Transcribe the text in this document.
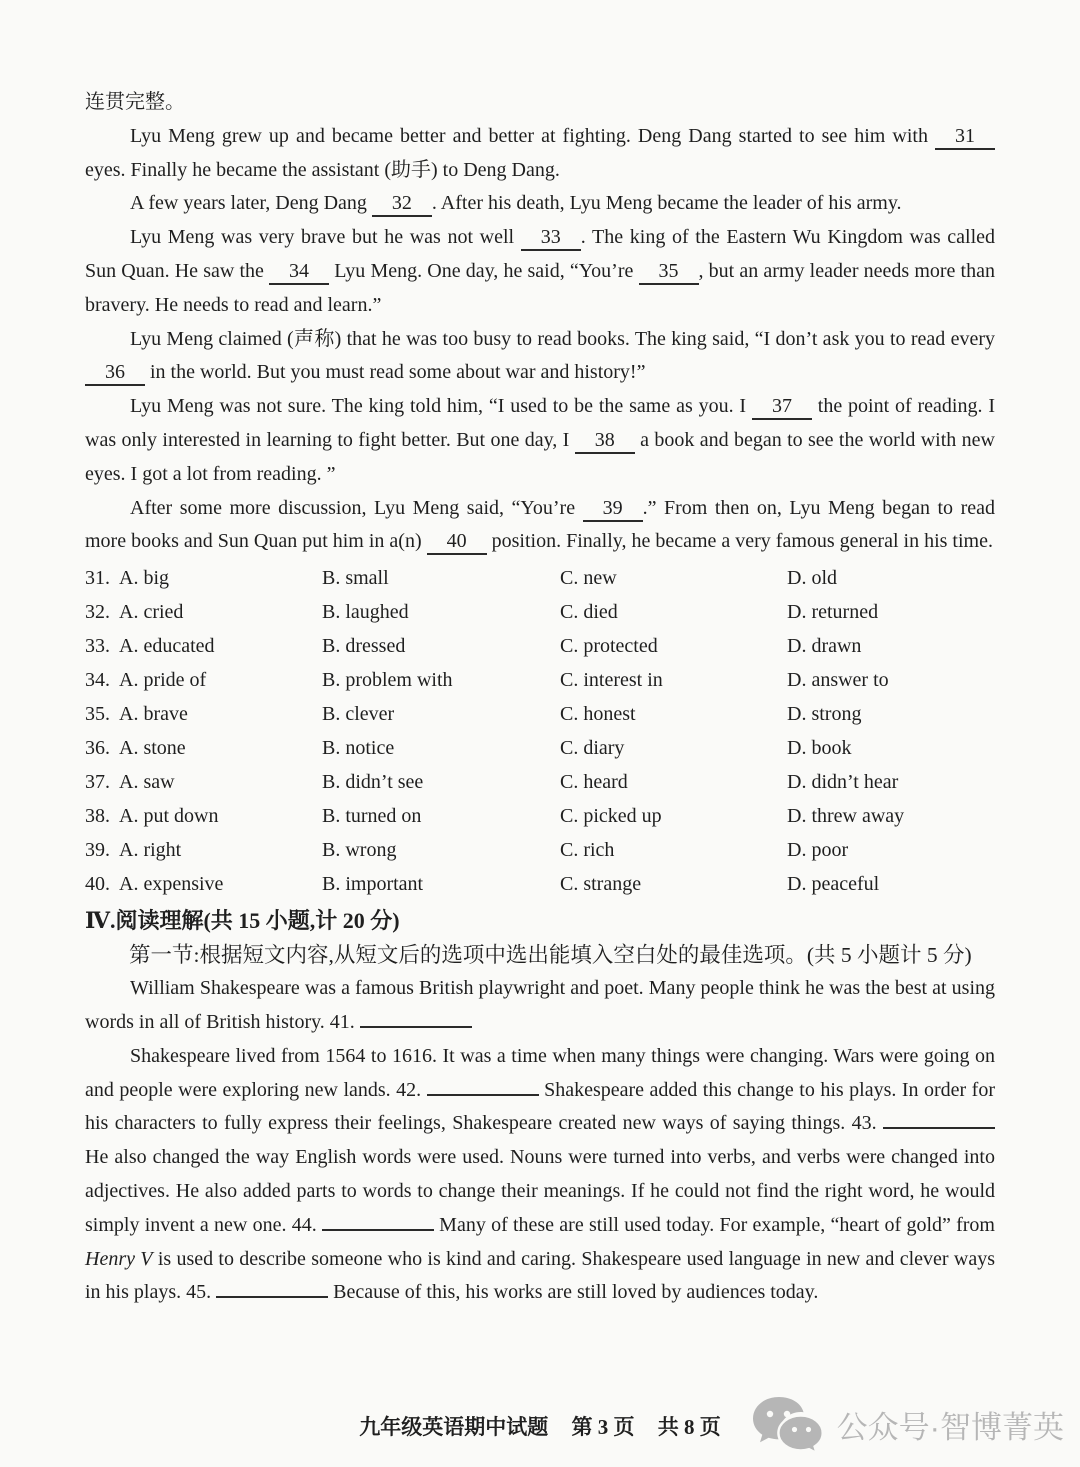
连贯完整。

Lyu Meng grew up and became better and better at fighting. Deng Dang started to see him with 31 eyes. Finally he became the assistant (助手) to Deng Dang.

A few years later, Deng Dang 32 . After his death, Lyu Meng became the leader of his army.

Lyu Meng was very brave but he was not well 33 . The king of the Eastern Wu Kingdom was called Sun Quan. He saw the 34 Lyu Meng. One day, he said, “You’re 35 , but an army leader needs more than bravery. He needs to read and learn.”

Lyu Meng claimed (声称) that he was too busy to read books. The king said, “I don’t ask you to read every 36 in the world. But you must read some about war and history!”

Lyu Meng was not sure. The king told him, “I used to be the same as you. I 37 the point of reading. I was only interested in learning to fight better. But one day, I 38 a book and began to see the world with new eyes. I got a lot from reading. ”

After some more discussion, Lyu Meng said, “You’re 39 .” From then on, Lyu Meng began to read more books and Sun Quan put him in a(n) 40 position. Finally, he became a very famous general in his time.

31. A. big	B. small	C. new	D. old
32. A. cried	B. laughed	C. died	D. returned
33. A. educated	B. dressed	C. protected	D. drawn
34. A. pride of	B. problem with	C. interest in	D. answer to
35. A. brave	B. clever	C. honest	D. strong
36. A. stone	B. notice	C. diary	D. book
37. A. saw	B. didn’t see	C. heard	D. didn’t hear
38. A. put down	B. turned on	C. picked up	D. threw away
39. A. right	B. wrong	C. rich	D. poor
40. A. expensive	B. important	C. strange	D. peaceful
Ⅳ.阅读理解(共 15 小题,计 20 分)

第一节:根据短文内容,从短文后的选项中选出能填入空白处的最佳选项。(共 5 小题计 5 分)

William Shakespeare was a famous British playwright and poet. Many people think he was the best at using words in all of British history. 41.

Shakespeare lived from 1564 to 1616. It was a time when many things were changing. Wars were going on and people were exploring new lands. 42.	Shakespeare added this change to his plays. In order for his characters to fully express their feelings, Shakespeare created new ways of saying things. 43.  He also changed the way English words were used. Nouns were turned into verbs, and verbs were changed into adjectives. He also added parts to words to change their meanings. If he could not find the right word, he would simply invent a new one. 44.	Many of these are still used today. For example, “heart of gold” from Henry V is used to describe someone who is kind and caring. Shakespeare used language in new and clever ways in his plays. 45.	Because of this, his works are still loved by audiences today.

九年级英语期中试题 第 3 页 共 8 页	公众号·智博菁英
